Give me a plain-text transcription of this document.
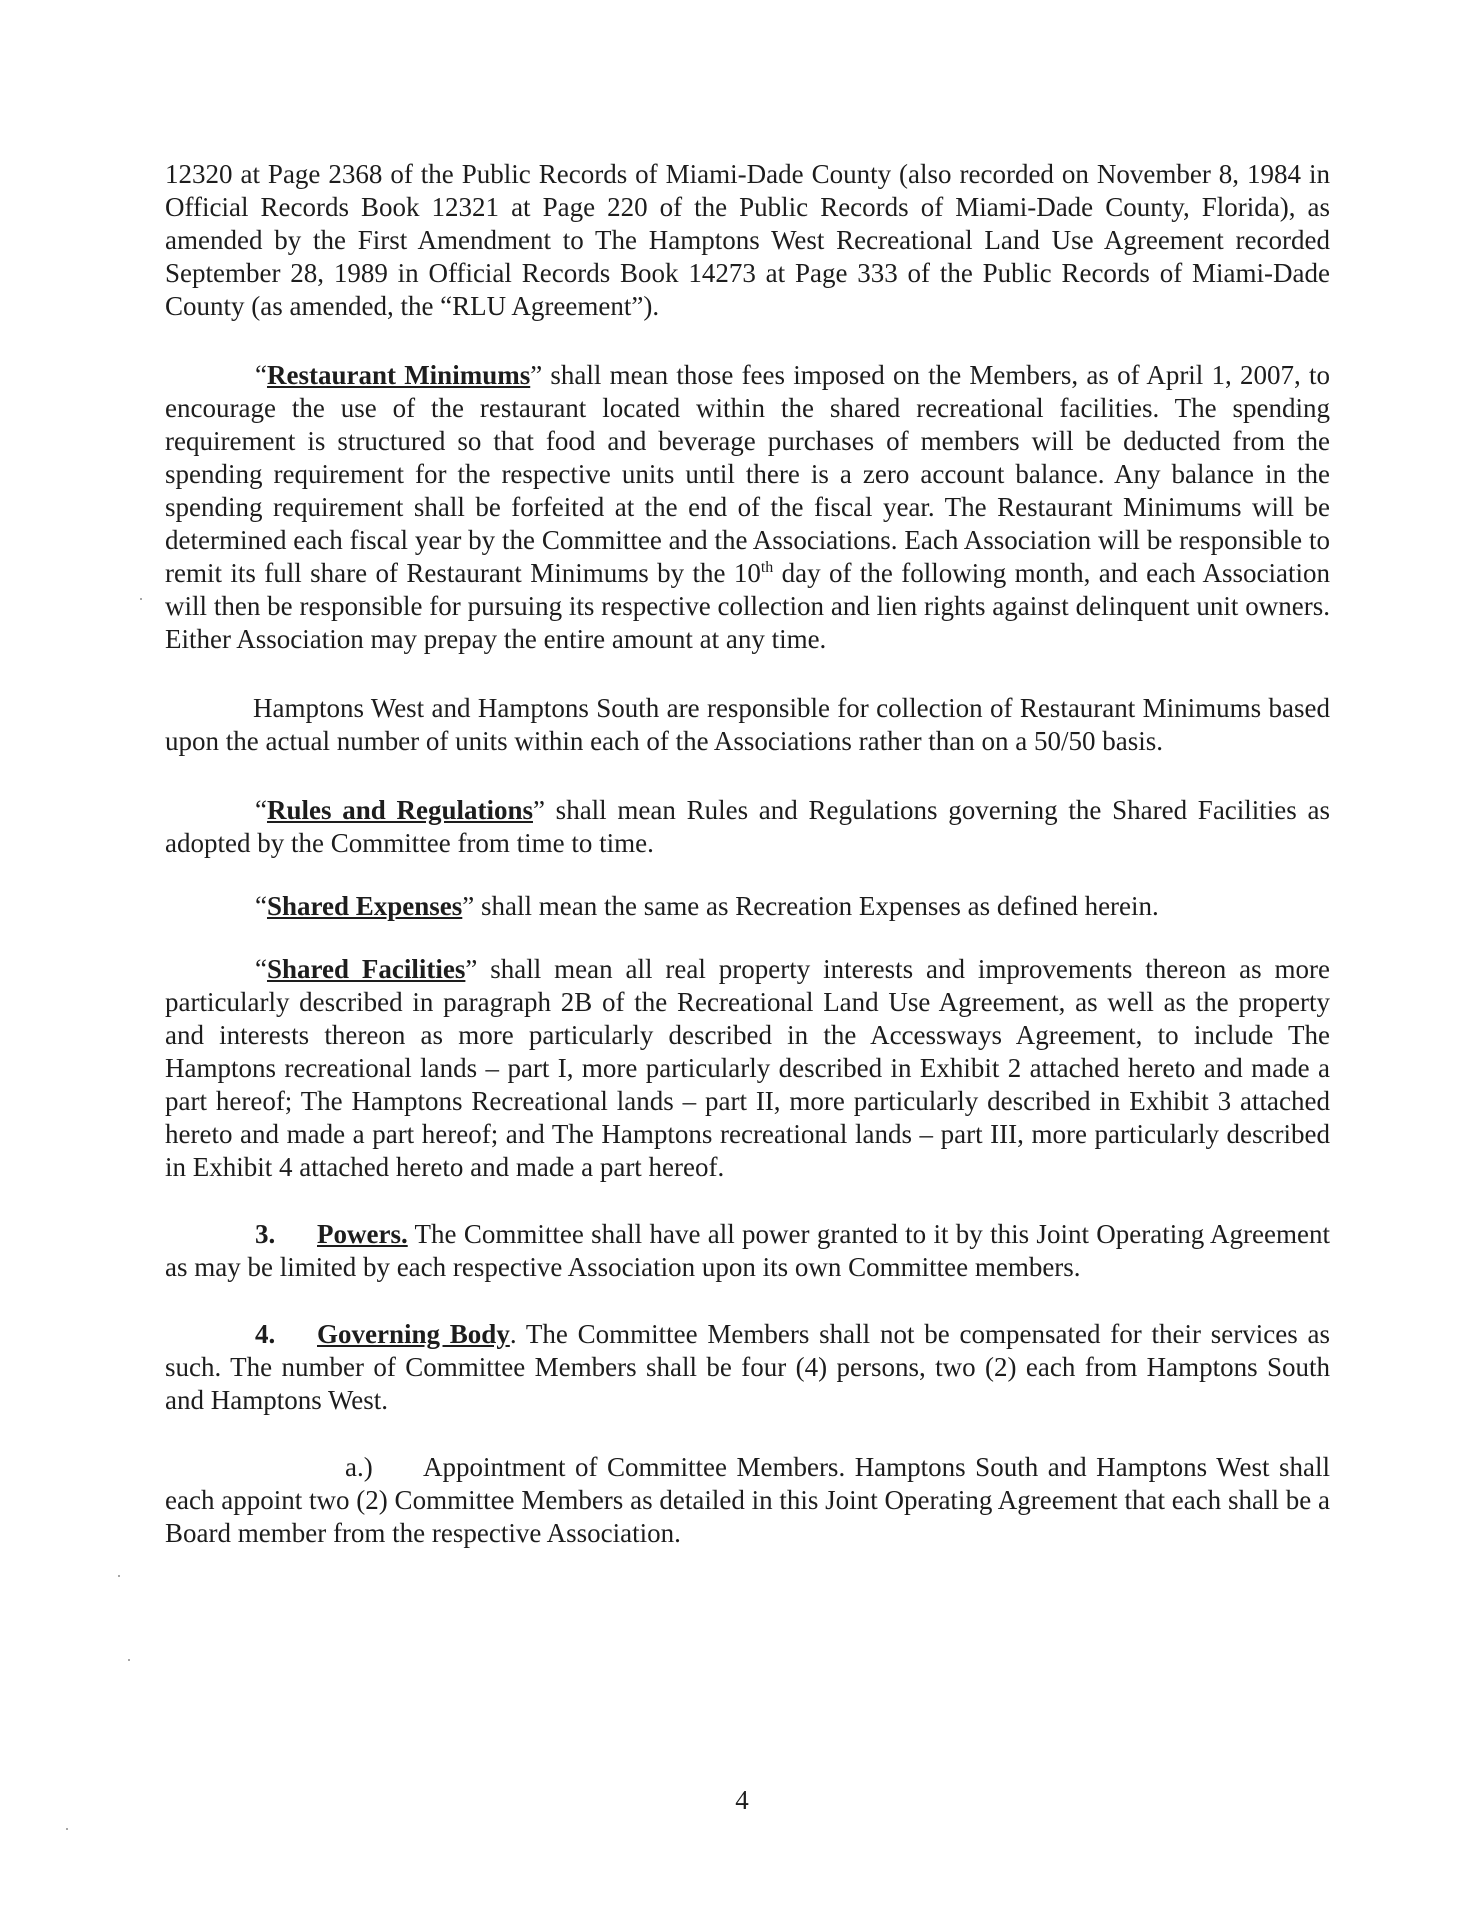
12320 at Page 2368 of the Public Records of Miami-Dade County (also recorded on November 8, 1984 in Official Records Book 12321 at Page 220 of the Public Records of Miami-Dade County, Florida), as amended by the First Amendment to The Hamptons West Recreational Land Use Agreement recorded September 28, 1989 in Official Records Book 14273 at Page 333 of the Public Records of Miami-Dade County (as amended, the “RLU Agreement”).

“Restaurant Minimums” shall mean those fees imposed on the Members, as of April 1, 2007, to encourage the use of the restaurant located within the shared recreational facilities. The spending requirement is structured so that food and beverage purchases of members will be deducted from the spending requirement for the respective units until there is a zero account balance. Any balance in the spending requirement shall be forfeited at the end of the fiscal year. The Restaurant Minimums will be determined each fiscal year by the Committee and the Associations. Each Association will be responsible to remit its full share of Restaurant Minimums by the 10th day of the following month, and each Association will then be responsible for pursuing its respective collection and lien rights against delinquent unit owners. Either Association may prepay the entire amount at any time.

Hamptons West and Hamptons South are responsible for collection of Restaurant Minimums based upon the actual number of units within each of the Associations rather than on a 50/50 basis.

“Rules and Regulations” shall mean Rules and Regulations governing the Shared Facilities as adopted by the Committee from time to time.

“Shared Expenses” shall mean the same as Recreation Expenses as defined herein.

“Shared Facilities” shall mean all real property interests and improvements thereon as more particularly described in paragraph 2B of the Recreational Land Use Agreement, as well as the property and interests thereon as more particularly described in the Accessways Agreement, to include The Hamptons recreational lands – part I, more particularly described in Exhibit 2 attached hereto and made a part hereof; The Hamptons Recreational lands – part II, more particularly described in Exhibit 3 attached hereto and made a part hereof; and The Hamptons recreational lands – part III, more particularly described in Exhibit 4 attached hereto and made a part hereof.

3. Powers. The Committee shall have all power granted to it by this Joint Operating Agreement as may be limited by each respective Association upon its own Committee members.

4. Governing Body. The Committee Members shall not be compensated for their services as such. The number of Committee Members shall be four (4) persons, two (2) each from Hamptons South and Hamptons West.

a.) Appointment of Committee Members. Hamptons South and Hamptons West shall each appoint two (2) Committee Members as detailed in this Joint Operating Agreement that each shall be a Board member from the respective Association.

4
